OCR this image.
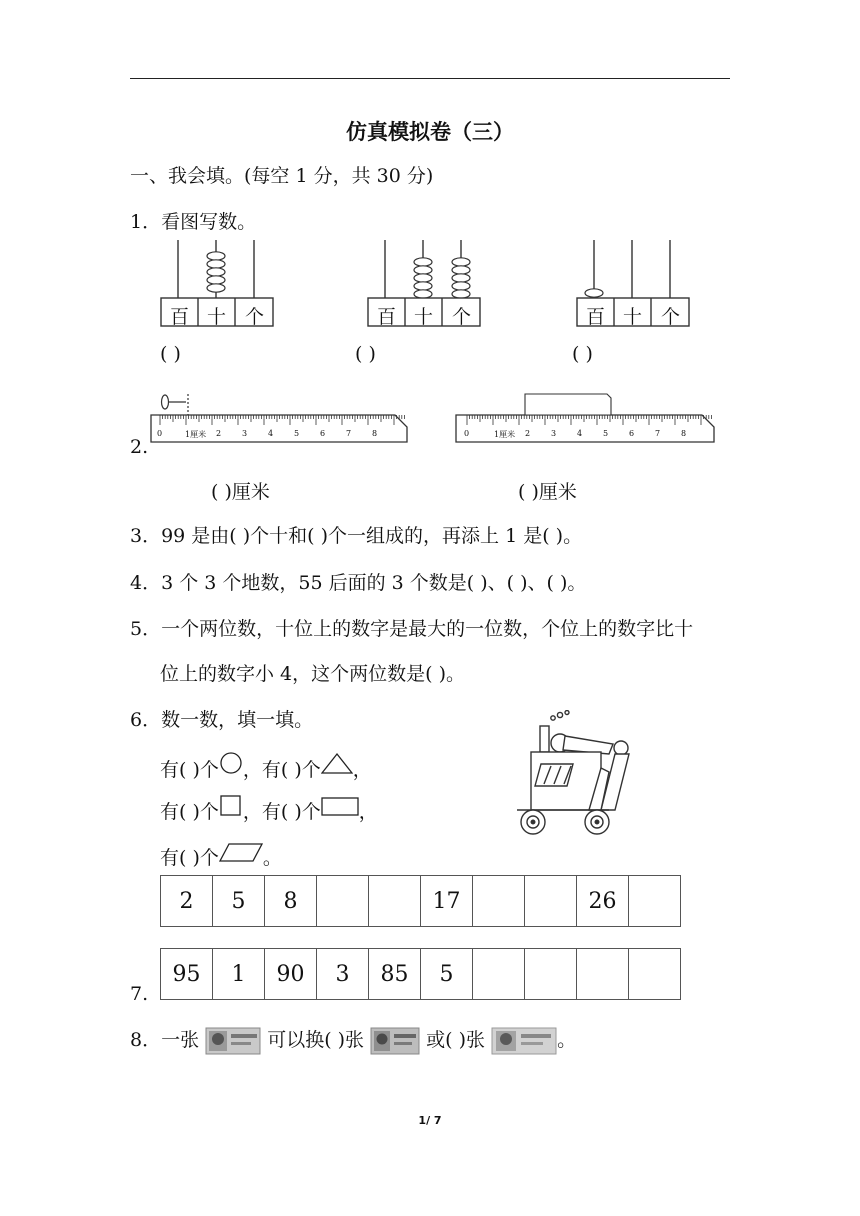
仿真模拟卷（三）
一、我会填。(每空 1 分，共 30 分)
1．看图写数。
百 十 个	百 十 个	百 十 个
( )	( )	( )
2.
0	1厘米 2	3	4	5	6	7	8	0	1厘米 2	3	4	5	6	7	8
( )厘米	( )厘米
3．99 是由( )个十和( )个一组成的，再添上 1 是( )。
4．3 个 3 个地数，55 后面的 3 个数是( )、( )、( )。
5．一个两位数，十位上的数字是最大的一位数，个位上的数字比十
位上的数字小 4，这个两位数是( )。
6．数一数，填一填。
有( )个 ，有( )个 ，
有( )个 ，有( )个 ，
有( )个 。
2	5	8			17			26	
7.
95	1	90	3	85	5				
8．一张	可以换( )张	或( )张	。
1/ 7
